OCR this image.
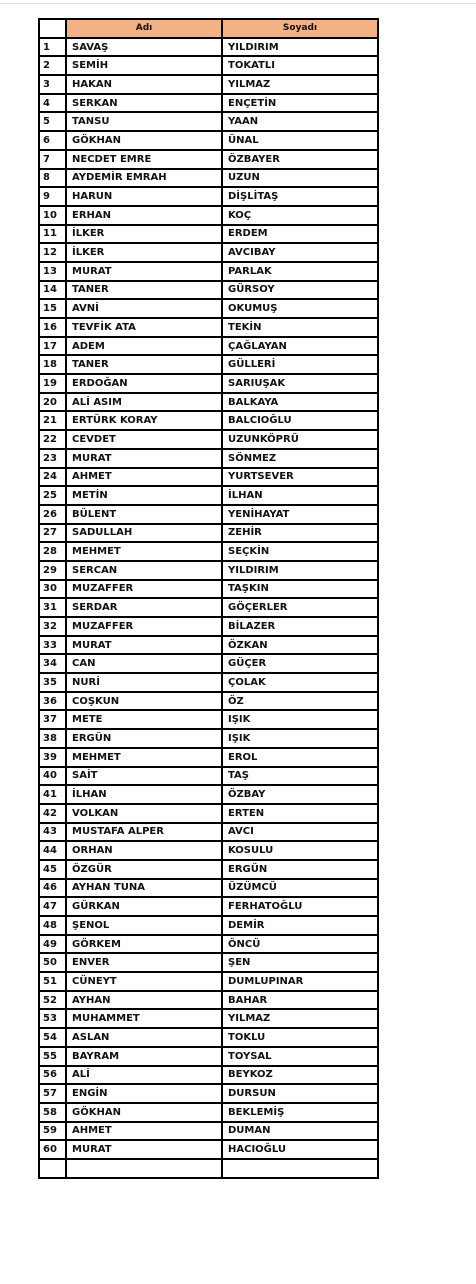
	Adı	Soyadı
1	SAVAŞ	YILDIRIM
2	SEMİH	TOKATLI
3	HAKAN	YILMAZ
4	SERKAN	ENÇETİN
5	TANSU	YAAN
6	GÖKHAN	ÜNAL
7	NECDET EMRE	ÖZBAYER
8	AYDEMİR EMRAH	UZUN
9	HARUN	DİŞLİTAŞ
10	ERHAN	KOÇ
11	İLKER	ERDEM
12	İLKER	AVCIBAY
13	MURAT	PARLAK
14	TANER	GÜRSOY
15	AVNİ	OKUMUŞ
16	TEVFİK ATA	TEKİN
17	ADEM	ÇAĞLAYAN
18	TANER	GÜLLERİ
19	ERDOĞAN	SARIUŞAK
20	ALİ ASIM	BALKAYA
21	ERTÜRK KORAY	BALCIOĞLU
22	CEVDET	UZUNKÖPRÜ
23	MURAT	SÖNMEZ
24	AHMET	YURTSEVER
25	METİN	İLHAN
26	BÜLENT	YENİHAYAT
27	SADULLAH	ZEHİR
28	MEHMET	SEÇKİN
29	SERCAN	YILDIRIM
30	MUZAFFER	TAŞKIN
31	SERDAR	GÖÇERLER
32	MUZAFFER	BİLAZER
33	MURAT	ÖZKAN
34	CAN	GÜÇER
35	NURİ	ÇOLAK
36	COŞKUN	ÖZ
37	METE	IŞIK
38	ERGÜN	IŞIK
39	MEHMET	EROL
40	SAİT	TAŞ
41	İLHAN	ÖZBAY
42	VOLKAN	ERTEN
43	MUSTAFA ALPER	AVCI
44	ORHAN	KOSULU
45	ÖZGÜR	ERGÜN
46	AYHAN TUNA	ÜZÜMCÜ
47	GÜRKAN	FERHATOĞLU
48	ŞENOL	DEMİR
49	GÖRKEM	ÖNCÜ
50	ENVER	ŞEN
51	CÜNEYT	DUMLUPINAR
52	AYHAN	BAHAR
53	MUHAMMET	YILMAZ
54	ASLAN	TOKLU
55	BAYRAM	TOYSAL
56	ALİ	BEYKOZ
57	ENGİN	DURSUN
58	GÖKHAN	BEKLEMİŞ
59	AHMET	DUMAN
60	MURAT	HACIOĞLU
